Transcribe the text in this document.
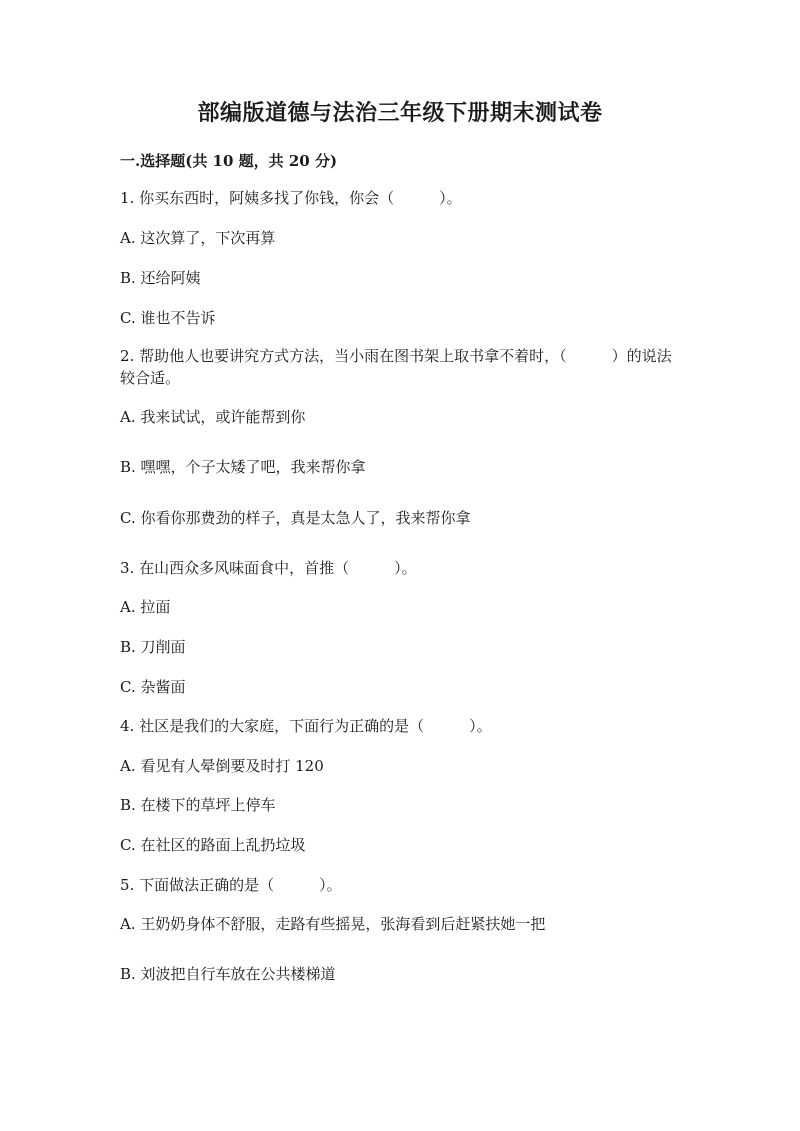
部编版道德与法治三年级下册期末测试卷
一.选择题(共 10 题，共 20 分)
1. 你买东西时，阿姨多找了你钱，你会（　　　）。
A. 这次算了，下次再算
B. 还给阿姨
C. 谁也不告诉
2. 帮助他人也要讲究方式方法，当小雨在图书架上取书拿不着时，（　　　）的说法较合适。
A. 我来试试，或许能帮到你
B. 嘿嘿，个子太矮了吧，我来帮你拿
C. 你看你那费劲的样子，真是太急人了，我来帮你拿
3. 在山西众多风味面食中，首推（　　　）。
A. 拉面
B. 刀削面
C. 杂酱面
4. 社区是我们的大家庭，下面行为正确的是（　　　）。
A. 看见有人晕倒要及时打 120
B. 在楼下的草坪上停车
C. 在社区的路面上乱扔垃圾
5. 下面做法正确的是（　　　）。
A. 王奶奶身体不舒服，走路有些摇晃，张海看到后赶紧扶她一把
B. 刘波把自行车放在公共楼梯道
